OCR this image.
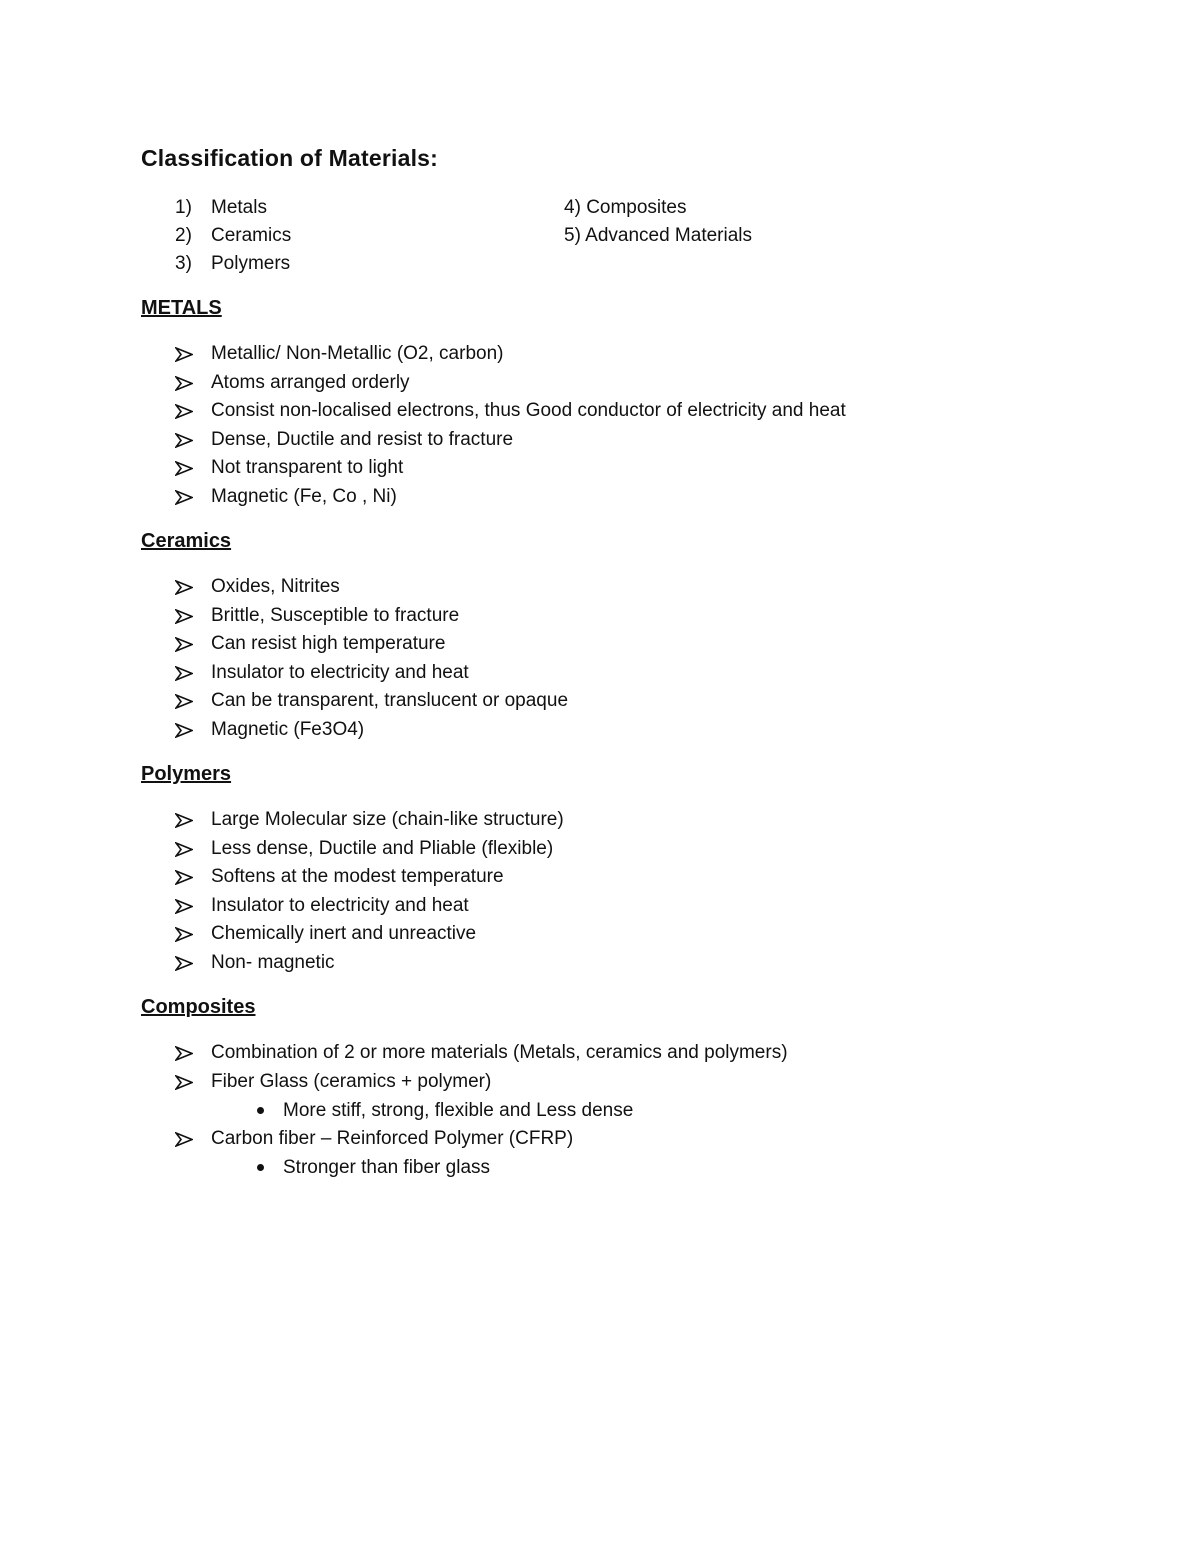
Classification of Materials:
1) Metals
2) Ceramics
3) Polymers
4) Composites
5) Advanced Materials
METALS
Metallic/ Non-Metallic (O2, carbon)
Atoms arranged orderly
Consist non-localised electrons, thus Good conductor of electricity and heat
Dense, Ductile and resist to fracture
Not transparent to light
Magnetic (Fe, Co , Ni)
Ceramics
Oxides, Nitrites
Brittle, Susceptible to fracture
Can resist high temperature
Insulator to electricity and heat
Can be transparent, translucent or opaque
Magnetic (Fe3O4)
Polymers
Large Molecular size (chain-like structure)
Less dense, Ductile and Pliable (flexible)
Softens at the modest temperature
Insulator to electricity and heat
Chemically inert and unreactive
Non- magnetic
Composites
Combination of 2 or more materials (Metals, ceramics and polymers)
Fiber Glass (ceramics + polymer)
More stiff, strong, flexible and Less dense
Carbon fiber – Reinforced Polymer (CFRP)
Stronger than fiber glass
